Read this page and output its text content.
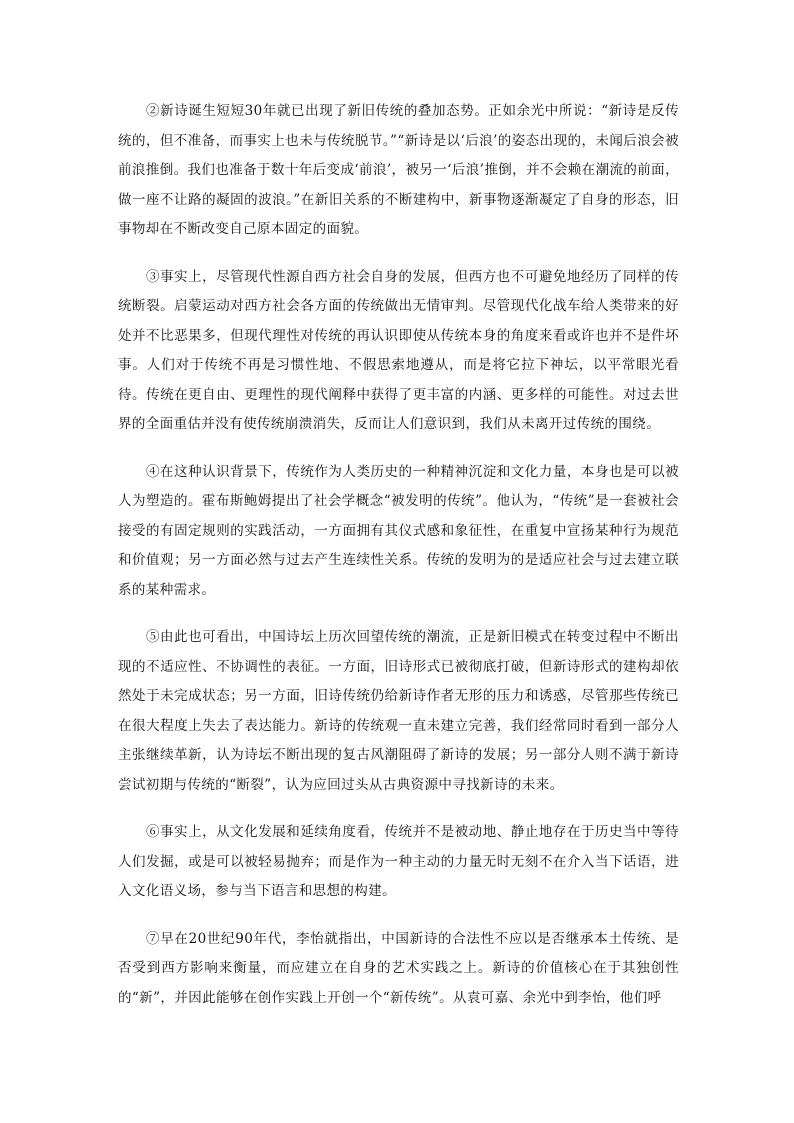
②新诗诞生短短30年就已出现了新旧传统的叠加态势。正如余光中所说：“新诗是反传统的，但不准备，而事实上也未与传统脱节。”“新诗是以‘后浪’的姿态出现的，未闻后浪会被前浪推倒。我们也准备于数十年后变成‘前浪’，被另一‘后浪’推倒，并不会赖在潮流的前面，做一座不让路的凝固的波浪。”在新旧关系的不断建构中，新事物逐渐凝定了自身的形态，旧事物却在不断改变自己原本固定的面貌。

③事实上，尽管现代性源自西方社会自身的发展，但西方也不可避免地经历了同样的传统断裂。启蒙运动对西方社会各方面的传统做出无情审判。尽管现代化战车给人类带来的好处并不比恶果多，但现代理性对传统的再认识即使从传统本身的角度来看或许也并不是件坏事。人们对于传统不再是习惯性地、不假思索地遵从，而是将它拉下神坛，以平常眼光看待。传统在更自由、更理性的现代阐释中获得了更丰富的内涵、更多样的可能性。对过去世界的全面重估并没有使传统崩溃消失，反而让人们意识到，我们从未离开过传统的围绕。

④在这种认识背景下，传统作为人类历史的一种精神沉淀和文化力量，本身也是可以被人为塑造的。霍布斯鲍姆提出了社会学概念“被发明的传统”。他认为，“传统”是一套被社会接受的有固定规则的实践活动，一方面拥有其仪式感和象征性，在重复中宣扬某种行为规范和价值观；另一方面必然与过去产生连续性关系。传统的发明为的是适应社会与过去建立联系的某种需求。

⑤由此也可看出，中国诗坛上历次回望传统的潮流，正是新旧模式在转变过程中不断出现的不适应性、不协调性的表征。一方面，旧诗形式已被彻底打破，但新诗形式的建构却依然处于未完成状态；另一方面，旧诗传统仍给新诗作者无形的压力和诱惑，尽管那些传统已在很大程度上失去了表达能力。新诗的传统观一直未建立完善，我们经常同时看到一部分人主张继续革新，认为诗坛不断出现的复古风潮阻碍了新诗的发展；另一部分人则不满于新诗尝试初期与传统的“断裂”，认为应回过头从古典资源中寻找新诗的未来。

⑥事实上，从文化发展和延续角度看，传统并不是被动地、静止地存在于历史当中等待人们发掘，或是可以被轻易抛弃；而是作为一种主动的力量无时无刻不在介入当下话语，进入文化语义场，参与当下语言和思想的构建。

⑦早在20世纪90年代，李怡就指出，中国新诗的合法性不应以是否继承本土传统、是否受到西方影响来衡量，而应建立在自身的艺术实践之上。新诗的价值核心在于其独创性的“新”，并因此能够在创作实践上开创一个“新传统”。从袁可嘉、余光中到李怡，他们呼
